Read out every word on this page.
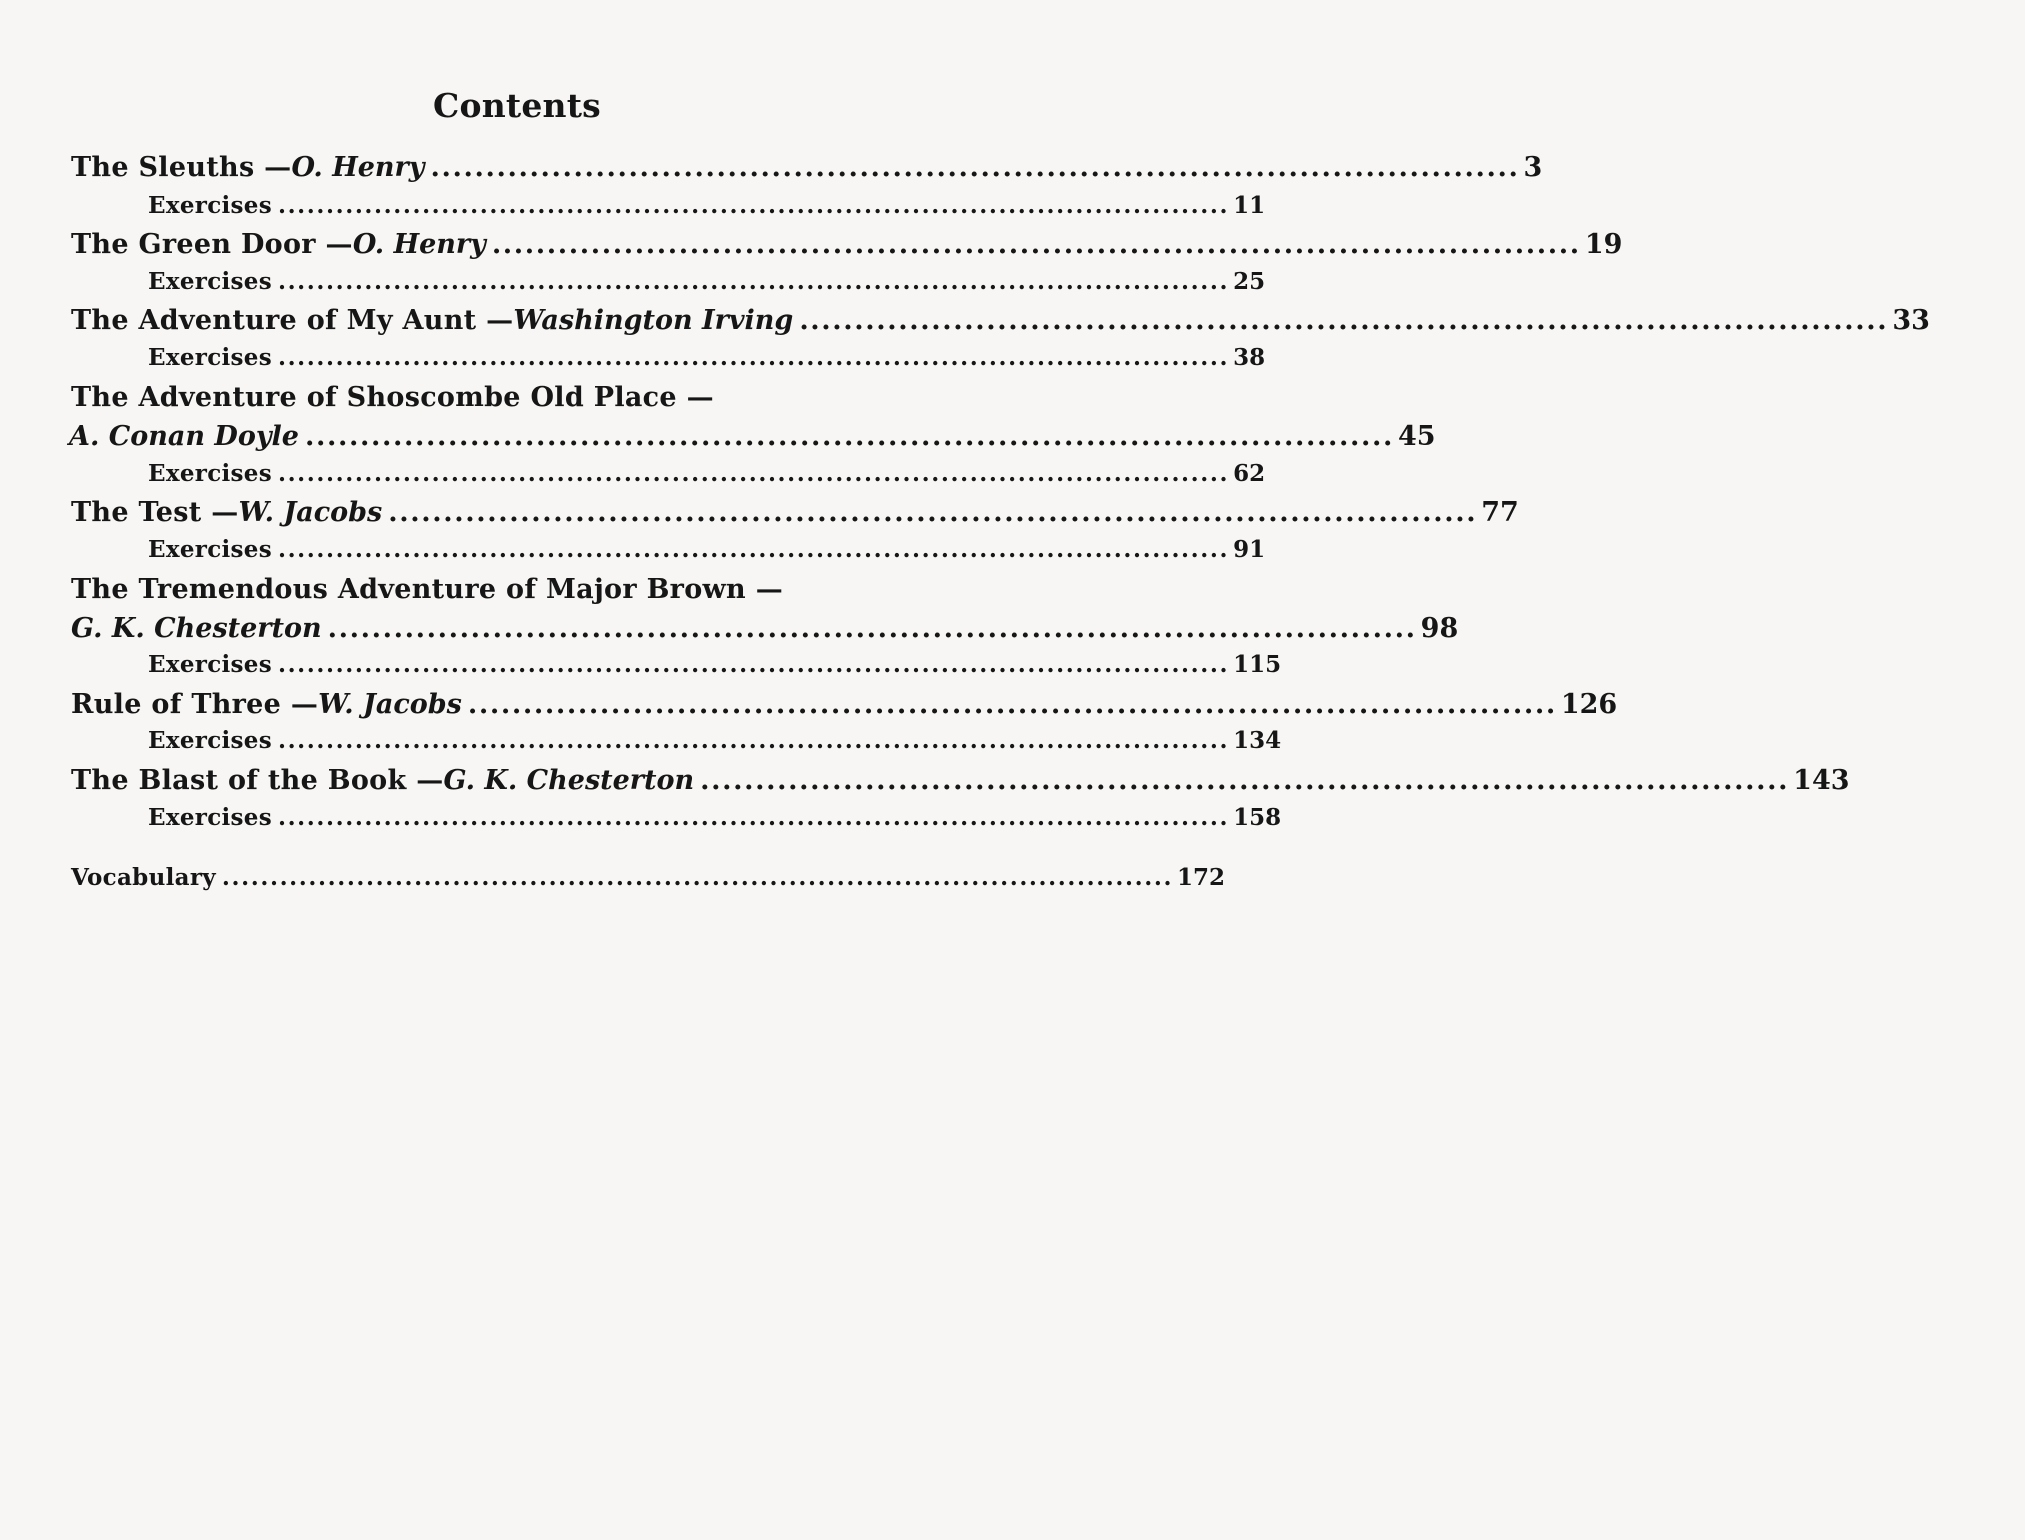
Contents
The Sleuths — O. Henry ................................................................................................... 3
Exercises ................................................................................................... 11
The Green Door — O. Henry ................................................................................................... 19
Exercises ................................................................................................... 25
The Adventure of My Aunt — Washington Irving ................................................................................................... 33
Exercises ................................................................................................... 38
The Adventure of Shoscombe Old Place —
A. Conan Doyle ................................................................................................... 45
Exercises ................................................................................................... 62
The Test — W. Jacobs ................................................................................................... 77
Exercises ................................................................................................... 91
The Tremendous Adventure of Major Brown —
G. K. Chesterton ................................................................................................... 98
Exercises ................................................................................................... 115
Rule of Three — W. Jacobs ................................................................................................... 126
Exercises ................................................................................................... 134
The Blast of the Book — G. K. Chesterton ................................................................................................... 143
Exercises ................................................................................................... 158
Vocabulary ................................................................................................... 172
